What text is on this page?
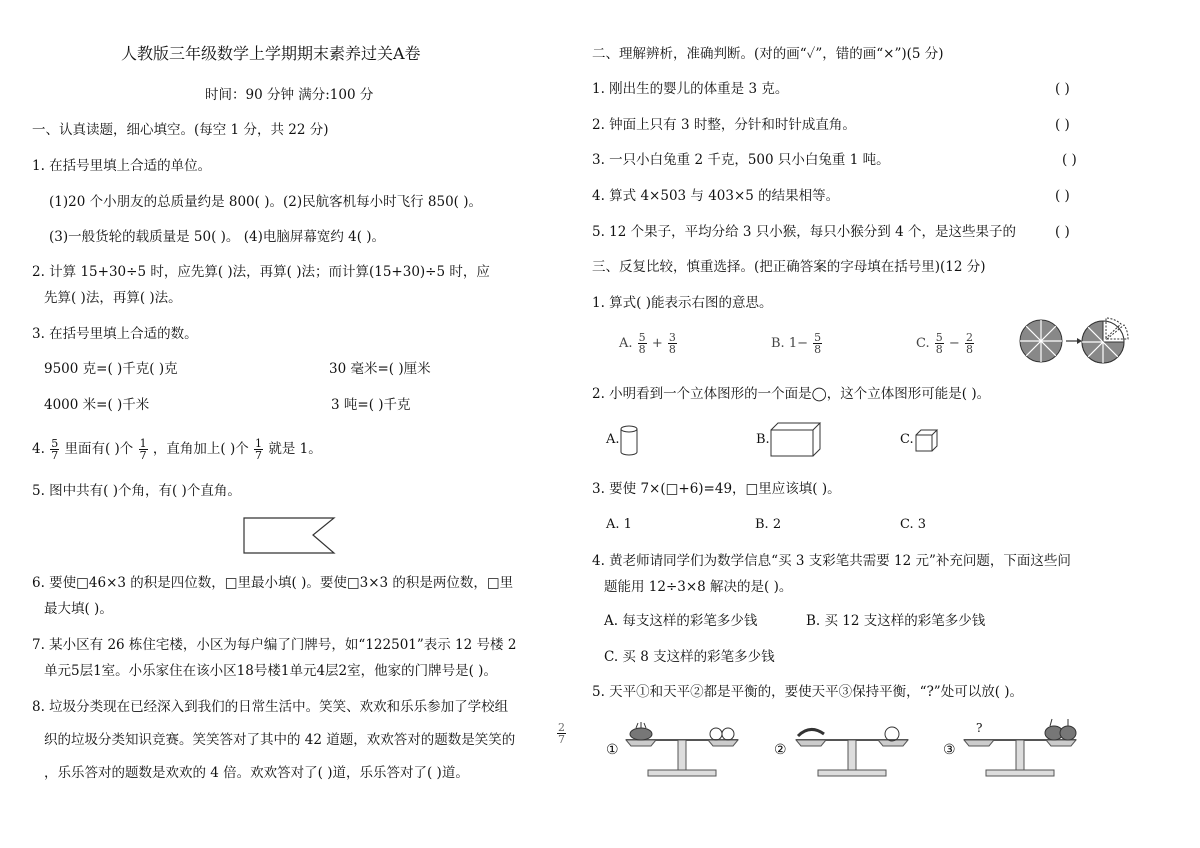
人教版三年级数学上学期期末素养过关A卷
时间：90 分钟 满分:100 分
一、认真读题，细心填空。(每空 1 分，共 22 分)
1. 在括号里填上合适的单位。
(1)20 个小朋友的总质量约是 800( )。(2)民航客机每小时飞行 850( )。
(3)一般货轮的载质量是 50( )。 (4)电脑屏幕宽约 4( )。
2. 计算 15+30÷5 时，应先算( )法，再算( )法；而计算(15+30)÷5 时，应
先算( )法，再算( )法。
3. 在括号里填上合适的数。
9500 克=( )千克( )克	30 毫米=( )厘米
4000 米=( )千米	3 吨=( )千克
4. $\frac{5}{7}$ 里面有( )个 $\frac{1}{7}$ ，直角加上( )个 $\frac{1}{7}$ 就是 1。
5. 图中共有( )个角，有( )个直角。
6. 要使□46×3 的积是四位数，□里最小填( )。要使□3×3 的积是两位数，□里
最大填( )。
7. 某小区有 26 栋住宅楼，小区为每户编了门牌号，如“122501”表示 12 号楼 2
单元5层1室。小乐家住在该小区18号楼1单元4层2室，他家的门牌号是( )。
8. 垃圾分类现在已经深入到我们的日常生活中。笑笑、欢欢和乐乐参加了学校组
织的垃圾分类知识竞赛。笑笑答对了其中的 42 道题，欢欢答对的题数是笑笑的	$\frac{2}{7}$
，乐乐答对的题数是欢欢的 4 倍。欢欢答对了( )道，乐乐答对了( )道。
二、理解辨析，准确判断。(对的画“✓”，错的画“×”)(5 分)
1. 刚出生的婴儿的体重是 3 克。	( )
2. 钟面上只有 3 时整，分针和时针成直角。	( )
3. 一只小白兔重 2 千克，500 只小白兔重 1 吨。	( )
4. 算式 4×503 与 403×5 的结果相等。	( )
5. 12 个果子，平均分给 3 只小猴，每只小猴分到 4 个，是这些果子的	( )
三、反复比较，慎重选择。(把正确答案的字母填在括号里)(12 分)
1. 算式( )能表示右图的意思。
A. $\frac{5}{8} + \frac{3}{8}$	B. $1- \frac{5}{8}$	C. $\frac{5}{8} - \frac{2}{8}$
2. 小明看到一个立体图形的一个面是◯，这个立体图形可能是( )。
A.	B.	C.
3. 要使 7×(□+6)=49，□里应该填( )。
A. 1	B. 2	C. 3
4. 黄老师请同学们为数学信息“买 3 支彩笔共需要 12 元”补充问题，下面这些问
题能用 12÷3×8 解决的是( )。
A. 每支这样的彩笔多少钱	B. 买 12 支这样的彩笔多少钱
C. 买 8 支这样的彩笔多少钱
5. 天平①和天平②都是平衡的，要使天平③保持平衡，“?”处可以放( )。
①	②	③
?
